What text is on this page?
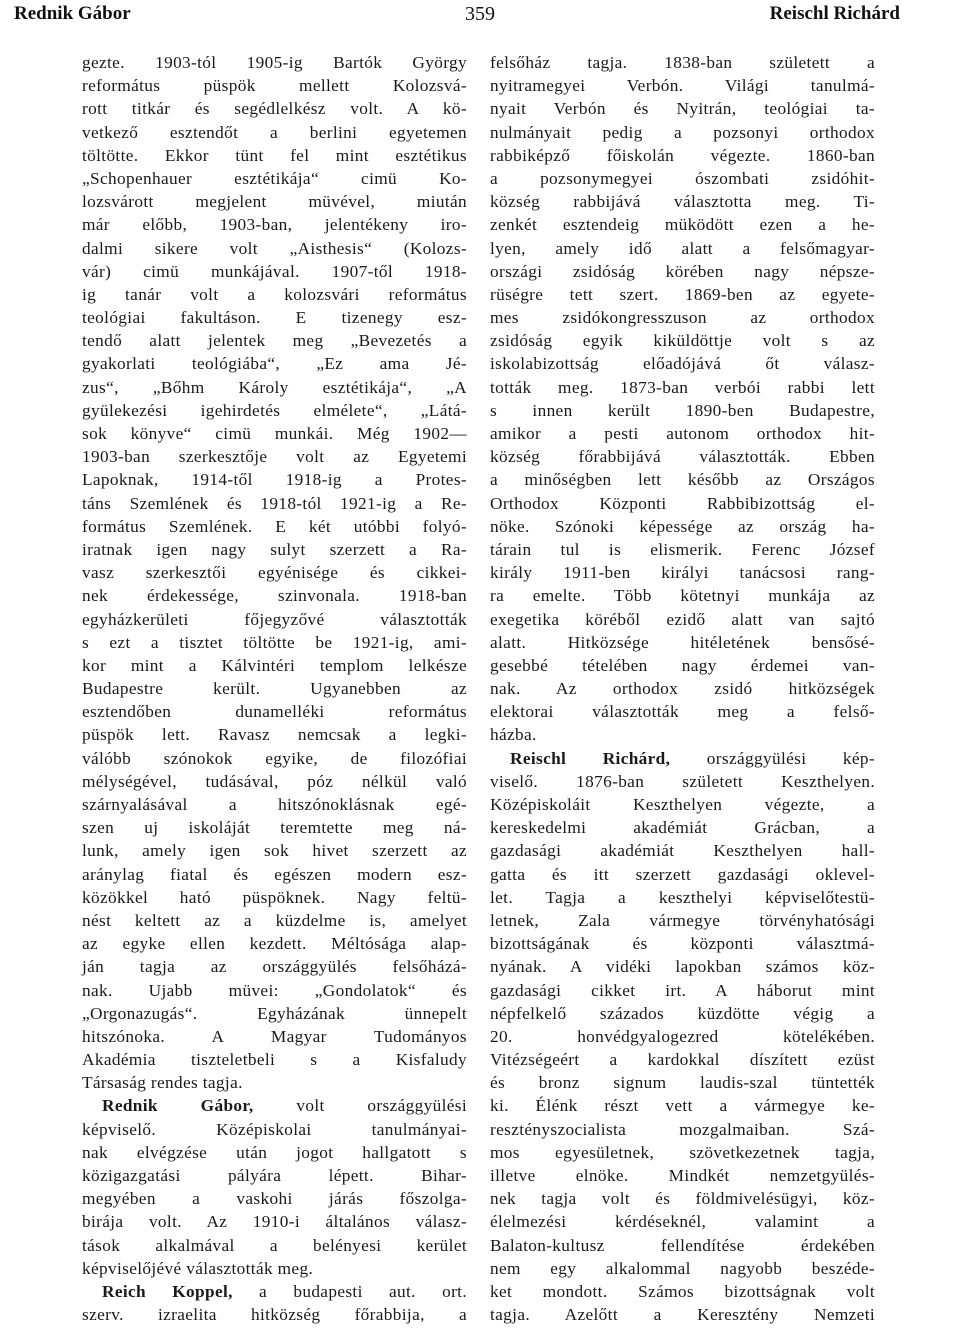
Rednik Gábor	359	Reischl Richárd
gezte. 1903-tól 1905-ig Bartók György
református püspök mellett Kolozsvá-
rott titkár és segédlelkész volt. A kö-
vetkező esztendőt a berlini egyetemen
töltötte. Ekkor tünt fel mint esztétikus
„Schopenhauer esztétikája“ cimü Ko-
lozsvárott megjelent müvével, miután
már előbb, 1903-ban, jelentékeny iro-
dalmi sikere volt „Aisthesis“ (Kolozs-
vár) cimü munkájával. 1907-től 1918-
ig tanár volt a kolozsvári református
teológiai fakultáson. E tizenegy esz-
tendő alatt jelentek meg „Bevezetés a
gyakorlati teológiába“, „Ez ama Jé-
zus“, „Bőhm Károly esztétikája“, „A
gyülekezési igehirdetés elmélete“, „Látá-
sok könyve“ cimü munkái. Még 1902—
1903-ban szerkesztője volt az Egyetemi
Lapoknak, 1914-től 1918-ig a Protes-
táns Szemlének és 1918-tól 1921-ig a Re-
formátus Szemlének. E két utóbbi folyó-
iratnak igen nagy sulyt szerzett a Ra-
vasz szerkesztői egyénisége és cikkei-
nek érdekessége, szinvonala. 1918-ban
egyházkerületi főjegyzővé választották
s ezt a tisztet töltötte be 1921-ig, ami-
kor mint a Kálvintéri templom lelkésze
Budapestre került. Ugyanebben az
esztendőben dunamelléki református
püspök lett. Ravasz nemcsak a legki-
válóbb szónokok egyike, de filozófiai
mélységével, tudásával, póz nélkül való
szárnyalásával a hitszónoklásnak egé-
szen uj iskoláját teremtette meg ná-
lunk, amely igen sok hivet szerzett az
aránylag fiatal és egészen modern esz-
közökkel ható püspöknek. Nagy feltü-
nést keltett az a küzdelme is, amelyet
az egyke ellen kezdett. Méltósága alap-
ján tagja az országgyülés felsőházá-
nak. Ujabb müvei: „Gondolatok“ és
„Orgonazugás“. Egyházának ünnepelt
hitszónoka. A Magyar Tudományos
Akadémia tiszteletbeli s a Kisfaludy
Társaság rendes tagja.
Rednik Gábor, volt országgyülési
képviselő. Középiskolai tanulmányai-
nak elvégzése után jogot hallgatott s
közigazgatási pályára lépett. Bihar-
megyében a vaskohi járás főszolga-
birája volt. Az 1910-i általános válasz-
tások alkalmával a belényesi kerület
képviselőjévé választották meg.
Reich Koppel, a budapesti aut. ort.
szerv. izraelita hitközség főrabbija, a
felsőház tagja. 1838-ban született a
nyitramegyei Verbón. Világi tanulmá-
nyait Verbón és Nyitrán, teológiai ta-
nulmányait pedig a pozsonyi orthodox
rabbiképző főiskolán végezte. 1860-ban
a pozsonymegyei ószombati zsidóhit-
község rabbijává választotta meg. Ti-
zenkét esztendeig müködött ezen a he-
lyen, amely idő alatt a felsőmagyar-
országi zsidóság körében nagy népsze-
rüségre tett szert. 1869-ben az egyete-
mes zsidókongresszuson az orthodox
zsidóság egyik kiküldöttje volt s az
iskolabizottság előadójává őt válasz-
tották meg. 1873-ban verbói rabbi lett
s innen került 1890-ben Budapestre,
amikor a pesti autonom orthodox hit-
község főrabbijává választották. Ebben
a minőségben lett később az Országos
Orthodox Központi Rabbibizottság el-
nöke. Szónoki képessége az ország ha-
tárain tul is elismerik. Ferenc József
király 1911-ben királyi tanácsosi rang-
ra emelte. Több kötetnyi munkája az
exegetika köréből ezidő alatt van sajtó
alatt. Hitközsége hitéletének bensősé-
gesebbé tételében nagy érdemei van-
nak. Az orthodox zsidó hitközségek
elektorai választották meg a felső-
házba.
Reischl Richárd, országgyülési kép-
viselő. 1876-ban született Keszthelyen.
Középiskoláit Keszthelyen végezte, a
kereskedelmi akadémiát Grácban, a
gazdasági akadémiát Keszthelyen hall-
gatta és itt szerzett gazdasági oklevel-
let. Tagja a keszthelyi képviselőtestü-
letnek, Zala vármegye törvényhatósági
bizottságának és központi választmá-
nyának. A vidéki lapokban számos köz-
gazdasági cikket irt. A háborut mint
népfelkelő százados küzdötte végig a
20. honvédgyalogezred kötelékében.
Vitézségeért a kardokkal díszített ezüst
és bronz signum laudis-szal tüntették
ki. Élénk részt vett a vármegye ke-
resztényszocialista mozgalmaiban. Szá-
mos egyesületnek, szövetkezetnek tagja,
illetve elnöke. Mindkét nemzetgyülés-
nek tagja volt és földmivelésügyi, köz-
élelmezési kérdéseknél, valamint a
Balaton-kultusz fellendítése érdekében
nem egy alkalommal nagyobb beszéde-
ket mondott. Számos bizottságnak volt
tagja. Azelőtt a Keresztény Nemzeti
